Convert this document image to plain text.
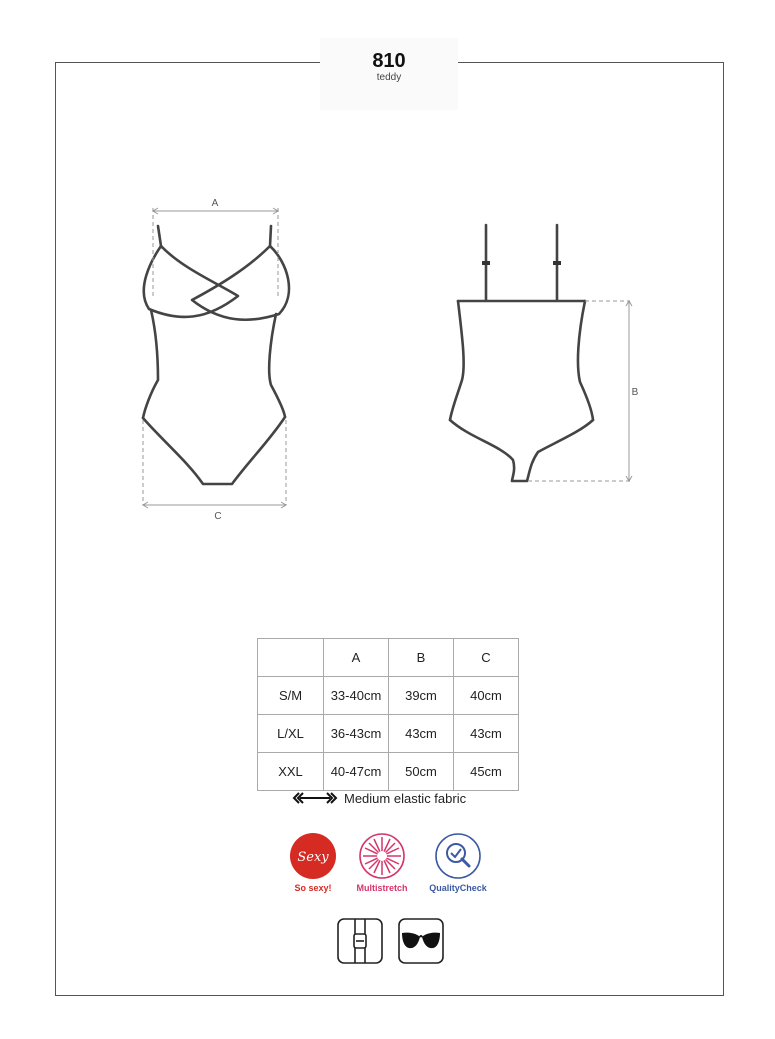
810
teddy
A
C
B
	A	B	C
S/M	33-40cm	39cm	40cm
L/XL	36-43cm	43cm	43cm
XXL	40-47cm	50cm	45cm
Medium elastic fabric
Sexy
So sexy!	Multistretch	QualityCheck
